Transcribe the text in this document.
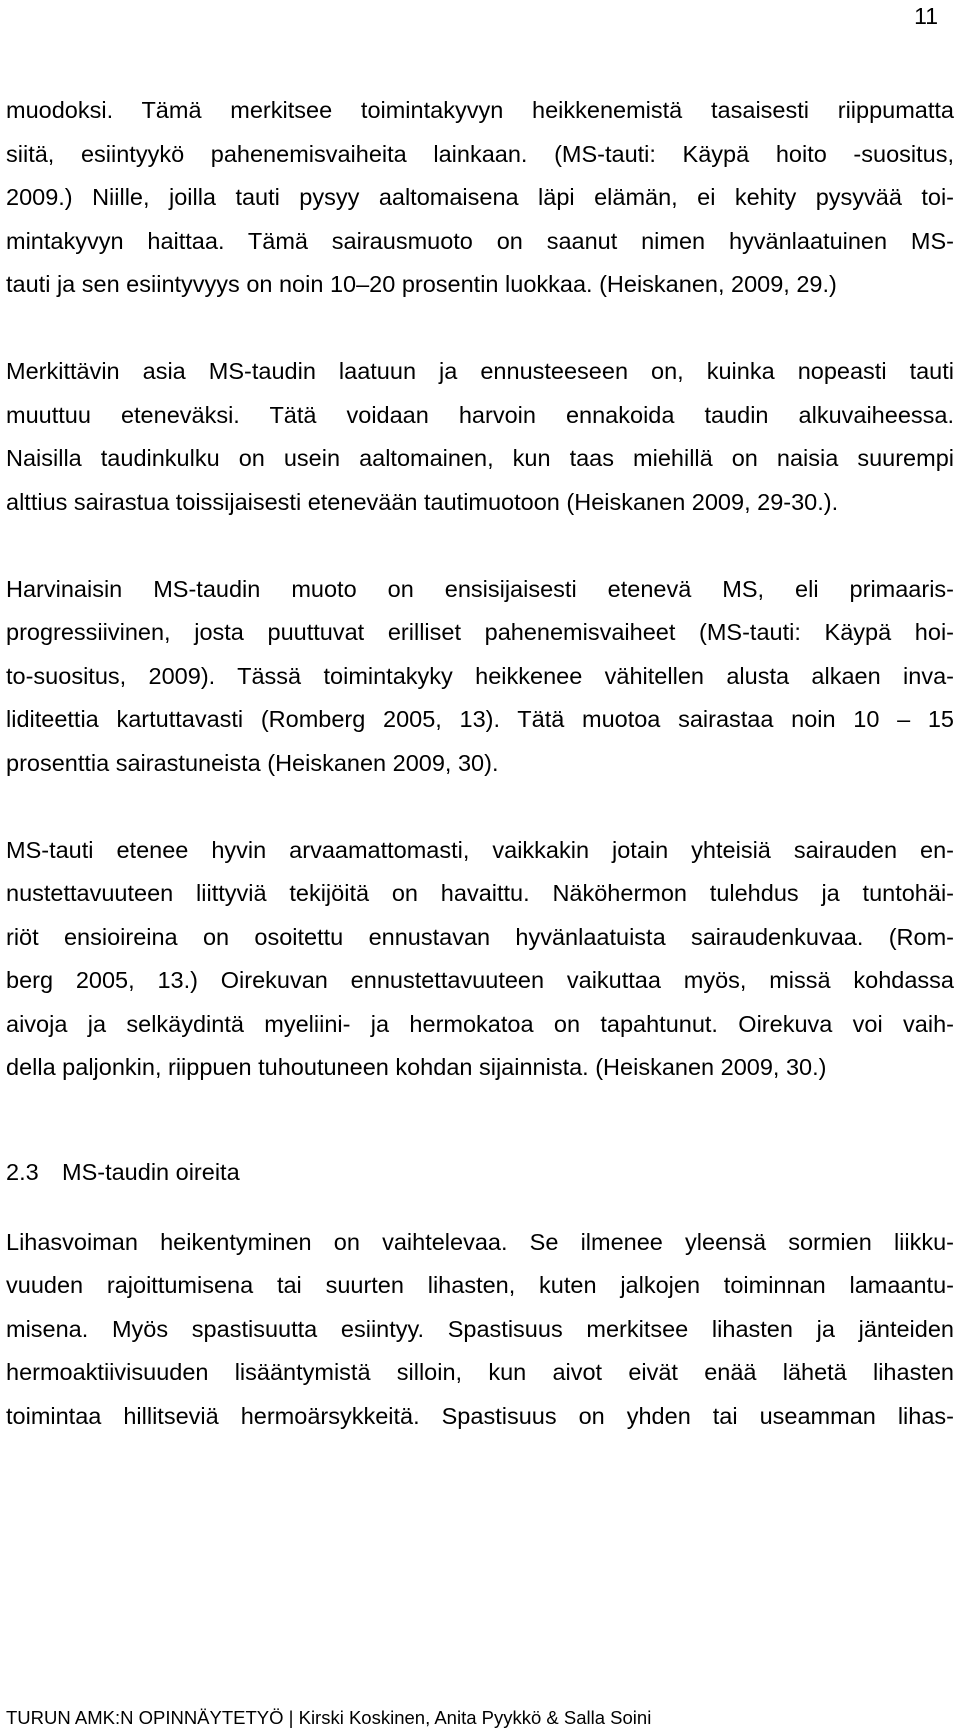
11
muodoksi. Tämä merkitsee toimintakyvyn heikkenemistä tasaisesti riippumatta
siitä, esiintyykö pahenemisvaiheita lainkaan. (MS-tauti: Käypä hoito -suositus,
2009.) Niille, joilla tauti pysyy aaltomaisena läpi elämän, ei kehity pysyvää toi-
mintakyvyn haittaa. Tämä sairausmuoto on saanut nimen hyvänlaatuinen MS-
tauti ja sen esiintyvyys on noin 10–20 prosentin luokkaa. (Heiskanen, 2009, 29.)
Merkittävin asia MS-taudin laatuun ja ennusteeseen on, kuinka nopeasti tauti
muuttuu eteneväksi. Tätä voidaan harvoin ennakoida taudin alkuvaiheessa.
Naisilla taudinkulku on usein aaltomainen, kun taas miehillä on naisia suurempi
alttius sairastua toissijaisesti etenevään tautimuotoon (Heiskanen 2009, 29-30.).
Harvinaisin MS-taudin muoto on ensisijaisesti etenevä MS, eli primaaris-
progressiivinen, josta puuttuvat erilliset pahenemisvaiheet (MS-tauti: Käypä hoi-
to-suositus, 2009). Tässä toimintakyky heikkenee vähitellen alusta alkaen inva-
liditeettia kartuttavasti (Romberg 2005, 13). Tätä muotoa sairastaa noin 10 – 15
prosenttia sairastuneista (Heiskanen 2009, 30).
MS-tauti etenee hyvin arvaamattomasti, vaikkakin jotain yhteisiä sairauden en-
nustettavuuteen liittyviä tekijöitä on havaittu. Näköhermon tulehdus ja tuntohäi-
riöt ensioireina on osoitettu ennustavan hyvänlaatuista sairaudenkuvaa. (Rom-
berg 2005, 13.) Oirekuvan ennustettavuuteen vaikuttaa myös, missä kohdassa
aivoja ja selkäydintä myeliini- ja hermokatoa on tapahtunut. Oirekuva voi vaih-
della paljonkin, riippuen tuhoutuneen kohdan sijainnista. (Heiskanen 2009, 30.)
2.3 MS-taudin oireita
Lihasvoiman heikentyminen on vaihtelevaa. Se ilmenee yleensä sormien liikku-
vuuden rajoittumisena tai suurten lihasten, kuten jalkojen toiminnan lamaantu-
misena. Myös spastisuutta esiintyy. Spastisuus merkitsee lihasten ja jänteiden
hermoaktiivisuuden lisääntymistä silloin, kun aivot eivät enää lähetä lihasten
toimintaa hillitseviä hermoärsykkeitä. Spastisuus on yhden tai useamman lihas-
TURUN AMK:N OPINNÄYTETYÖ | Kirski Koskinen, Anita Pyykkö & Salla Soini
